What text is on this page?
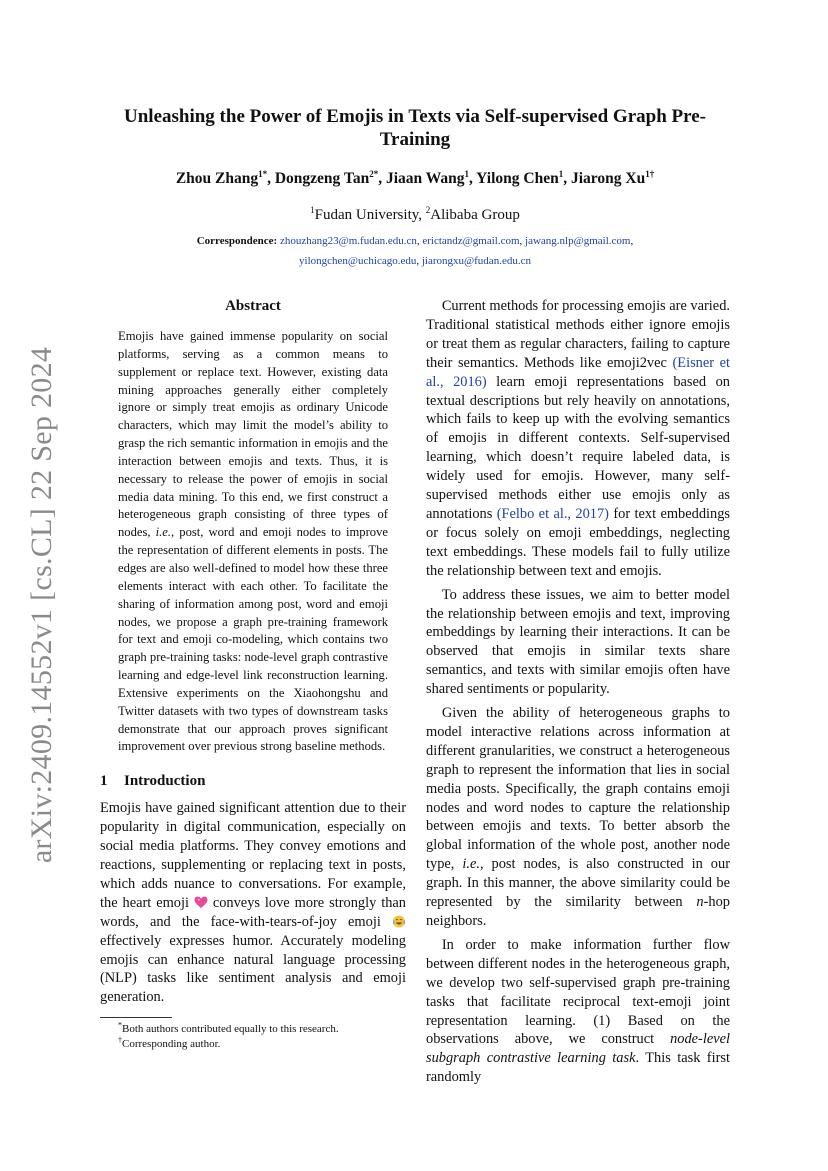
arXiv:2409.14552v1 [cs.CL] 22 Sep 2024
Unleashing the Power of Emojis in Texts via Self-supervised Graph Pre-Training
Zhou Zhang$^{1*}$, Dongzeng Tan$^{2*}$, Jiaan Wang$^1$, Yilong Chen$^1$, Jiarong $Xu^{1\dagger}$
$^1$Fudan University, $^2$Alibaba Group
Correspondence: zhouzhang23@m.fudan.edu.cn, erictandz@gmail.com, jawang.nlp@gmail.com,
yilongchen@uchicago.edu, jiarongxu@fudan.edu.cn
Abstract
Emojis have gained immense popularity on social platforms, serving as a common means to supplement or replace text. However, existing data mining approaches generally either completely ignore or simply treat emojis as ordinary Unicode characters, which may limit the model’s ability to grasp the rich semantic information in emojis and the interaction between emojis and texts. Thus, it is necessary to release the power of emojis in social media data mining. To this end, we first construct a heterogeneous graph consisting of three types of nodes, i.e., post, word and emoji nodes to improve the representation of different elements in posts. The edges are also well-defined to model how these three elements interact with each other. To facilitate the sharing of information among post, word and emoji nodes, we propose a graph pre-training framework for text and emoji co-modeling, which contains two graph pre-training tasks: node-level graph contrastive learning and edge-level link reconstruction learning. Extensive experiments on the Xiaohongshu and Twitter datasets with two types of downstream tasks demonstrate that our approach proves significant improvement over previous strong baseline methods.
1 Introduction

Emojis have gained significant attention due to their popularity in digital communication, especially on social media platforms. They convey emotions and reactions, supplementing or replacing text in posts, which adds nuance to conversations. For example, the heart emoji  conveys love more strongly than words, and the face-with-tears-of-joy emoji  effectively expresses humor. Accurately modeling emojis can enhance natural language processing (NLP) tasks like sentiment analysis and emoji generation.

*Both authors contributed equally to this research.
†Corresponding author.

Current methods for processing emojis are varied. Traditional statistical methods either ignore emojis or treat them as regular characters, failing to capture their semantics. Methods like emoji2vec (Eisner et al., 2016) learn emoji representations based on textual descriptions but rely heavily on annotations, which fails to keep up with the evolving semantics of emojis in different contexts. Self-supervised learning, which doesn’t require labeled data, is widely used for emojis. However, many self-supervised methods either use emojis only as annotations (Felbo et al., 2017) for text embeddings or focus solely on emoji embeddings, neglecting text embeddings. These models fail to fully utilize the relationship between text and emojis.

To address these issues, we aim to better model the relationship between emojis and text, improving embeddings by learning their interactions. It can be observed that emojis in similar texts share semantics, and texts with similar emojis often have shared sentiments or popularity.

Given the ability of heterogeneous graphs to model interactive relations across information at different granularities, we construct a heterogeneous graph to represent the information that lies in social media posts. Specifically, the graph contains emoji nodes and word nodes to capture the relationship between emojis and texts. To better absorb the global information of the whole post, another node type, i.e., post nodes, is also constructed in our graph. In this manner, the above similarity could be represented by the similarity between n-hop neighbors.

In order to make information further flow between different nodes in the heterogeneous graph, we develop two self-supervised graph pre-training tasks that facilitate reciprocal text-emoji joint representation learning. (1) Based on the observations above, we construct node-level subgraph contrastive learning task. This task first randomly
